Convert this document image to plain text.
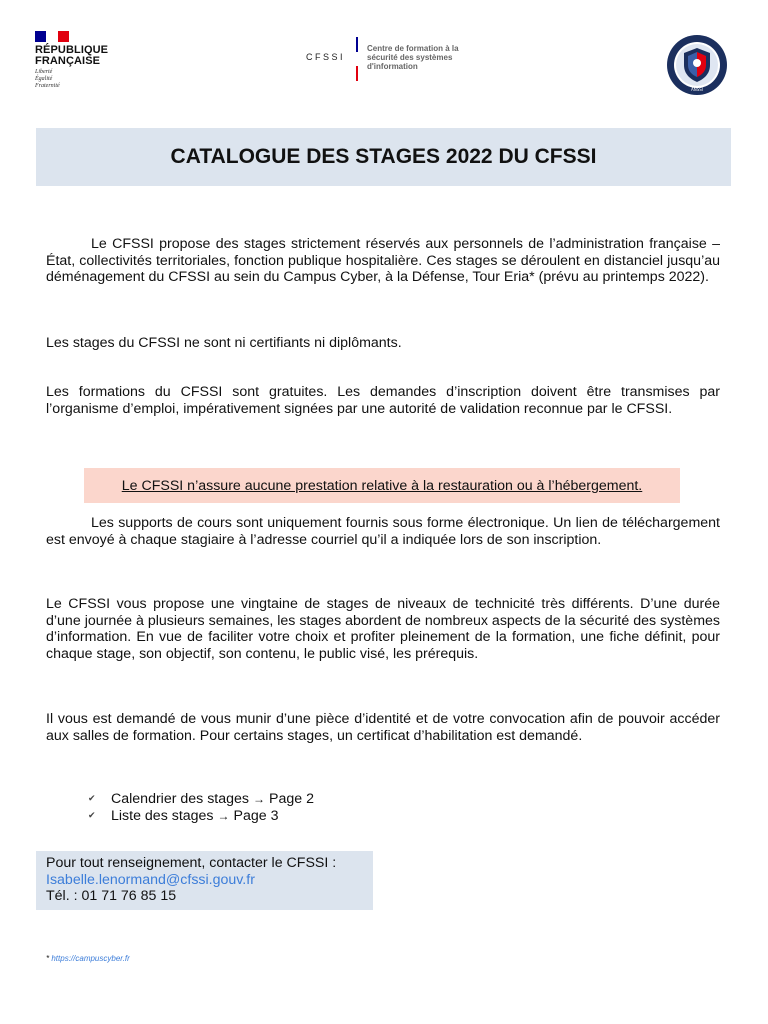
RÉPUBLIQUE
FRANÇAISE
Liberté
Égalité
Fraternité
CFSSI
Centre de formation à la sécurité des systèmes d'information
ANSSI
CATALOGUE DES STAGES 2022 DU CFSSI

Le CFSSI propose des stages strictement réservés aux personnels de l’administration française – État, collectivités territoriales, fonction publique hospitalière. Ces stages se déroulent en distanciel jusqu’au déménagement du CFSSI au sein du Campus Cyber, à la Défense, Tour Eria* (prévu au printemps 2022).

Les stages du CFSSI ne sont ni certifiants ni diplômants.

Les formations du CFSSI sont gratuites. Les demandes d’inscription doivent être transmises par l’organisme d’emploi, impérativement signées par une autorité de validation reconnue par le CFSSI.

Le CFSSI n’assure aucune prestation relative à la restauration ou à l’hébergement.

Les supports de cours sont uniquement fournis sous forme électronique. Un lien de téléchargement est envoyé à chaque stagiaire à l’adresse courriel qu’il a indiquée lors de son inscription.

Le CFSSI vous propose une vingtaine de stages de niveaux de technicité très différents. D’une durée d’une journée à plusieurs semaines, les stages abordent de nombreux aspects de la sécurité des systèmes d’information. En vue de faciliter votre choix et profiter pleinement de la formation, une fiche définit, pour chaque stage, son objectif, son contenu, le public visé, les prérequis.

Il vous est demandé de vous munir d’une pièce d’identité et de votre convocation afin de pouvoir accéder aux salles de formation. Pour certains stages, un certificat d’habilitation est demandé.

✔	Calendrier des stages → Page 2
✔	Liste des stages → Page 3
Pour tout renseignement, contacter le CFSSI :
Isabelle.lenormand@cfssi.gouv.fr
Tél. : 01 71 76 85 15
* https://campuscyber.fr
